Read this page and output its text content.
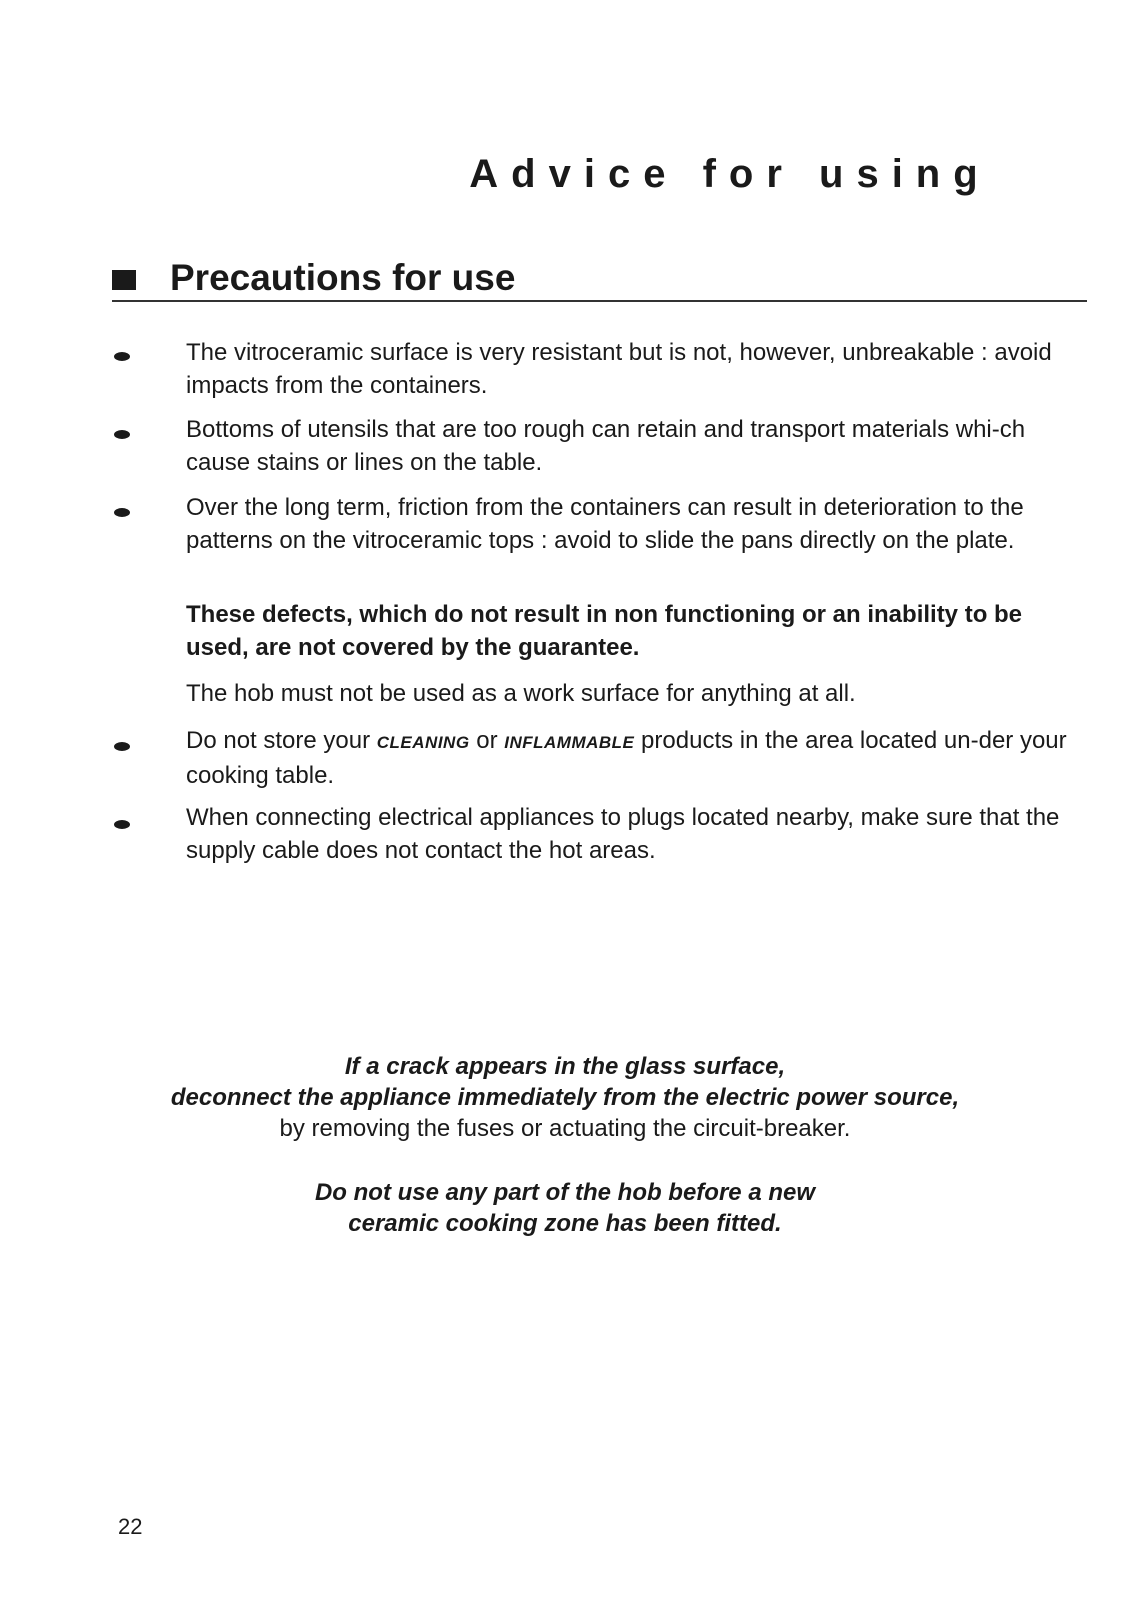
Advice for using
Precautions for use

The vitroceramic surface is very resistant but is not, however, unbreakable : avoid impacts from the containers.

Bottoms of utensils that are too rough can retain and transport materials whi-ch cause stains or lines on the table.

Over the long term, friction from the containers can result in deterioration to the patterns on the vitroceramic tops : avoid to slide the pans directly on the plate.

These defects, which do not result in non functioning or an inability to be used, are not covered by the guarantee.

The hob must not be used as a work surface for anything at all.

Do not store your CLEANING or INFLAMMABLE products in the area located un-der your cooking table.

When connecting electrical appliances to plugs located nearby, make sure that the supply cable does not contact the hot areas.

If a crack appears in the glass surface,

deconnect the appliance immediately from the electric power source,

by removing the fuses or actuating the circuit-breaker.

Do not use any part of the hob before a new

ceramic cooking zone has been fitted.

22
